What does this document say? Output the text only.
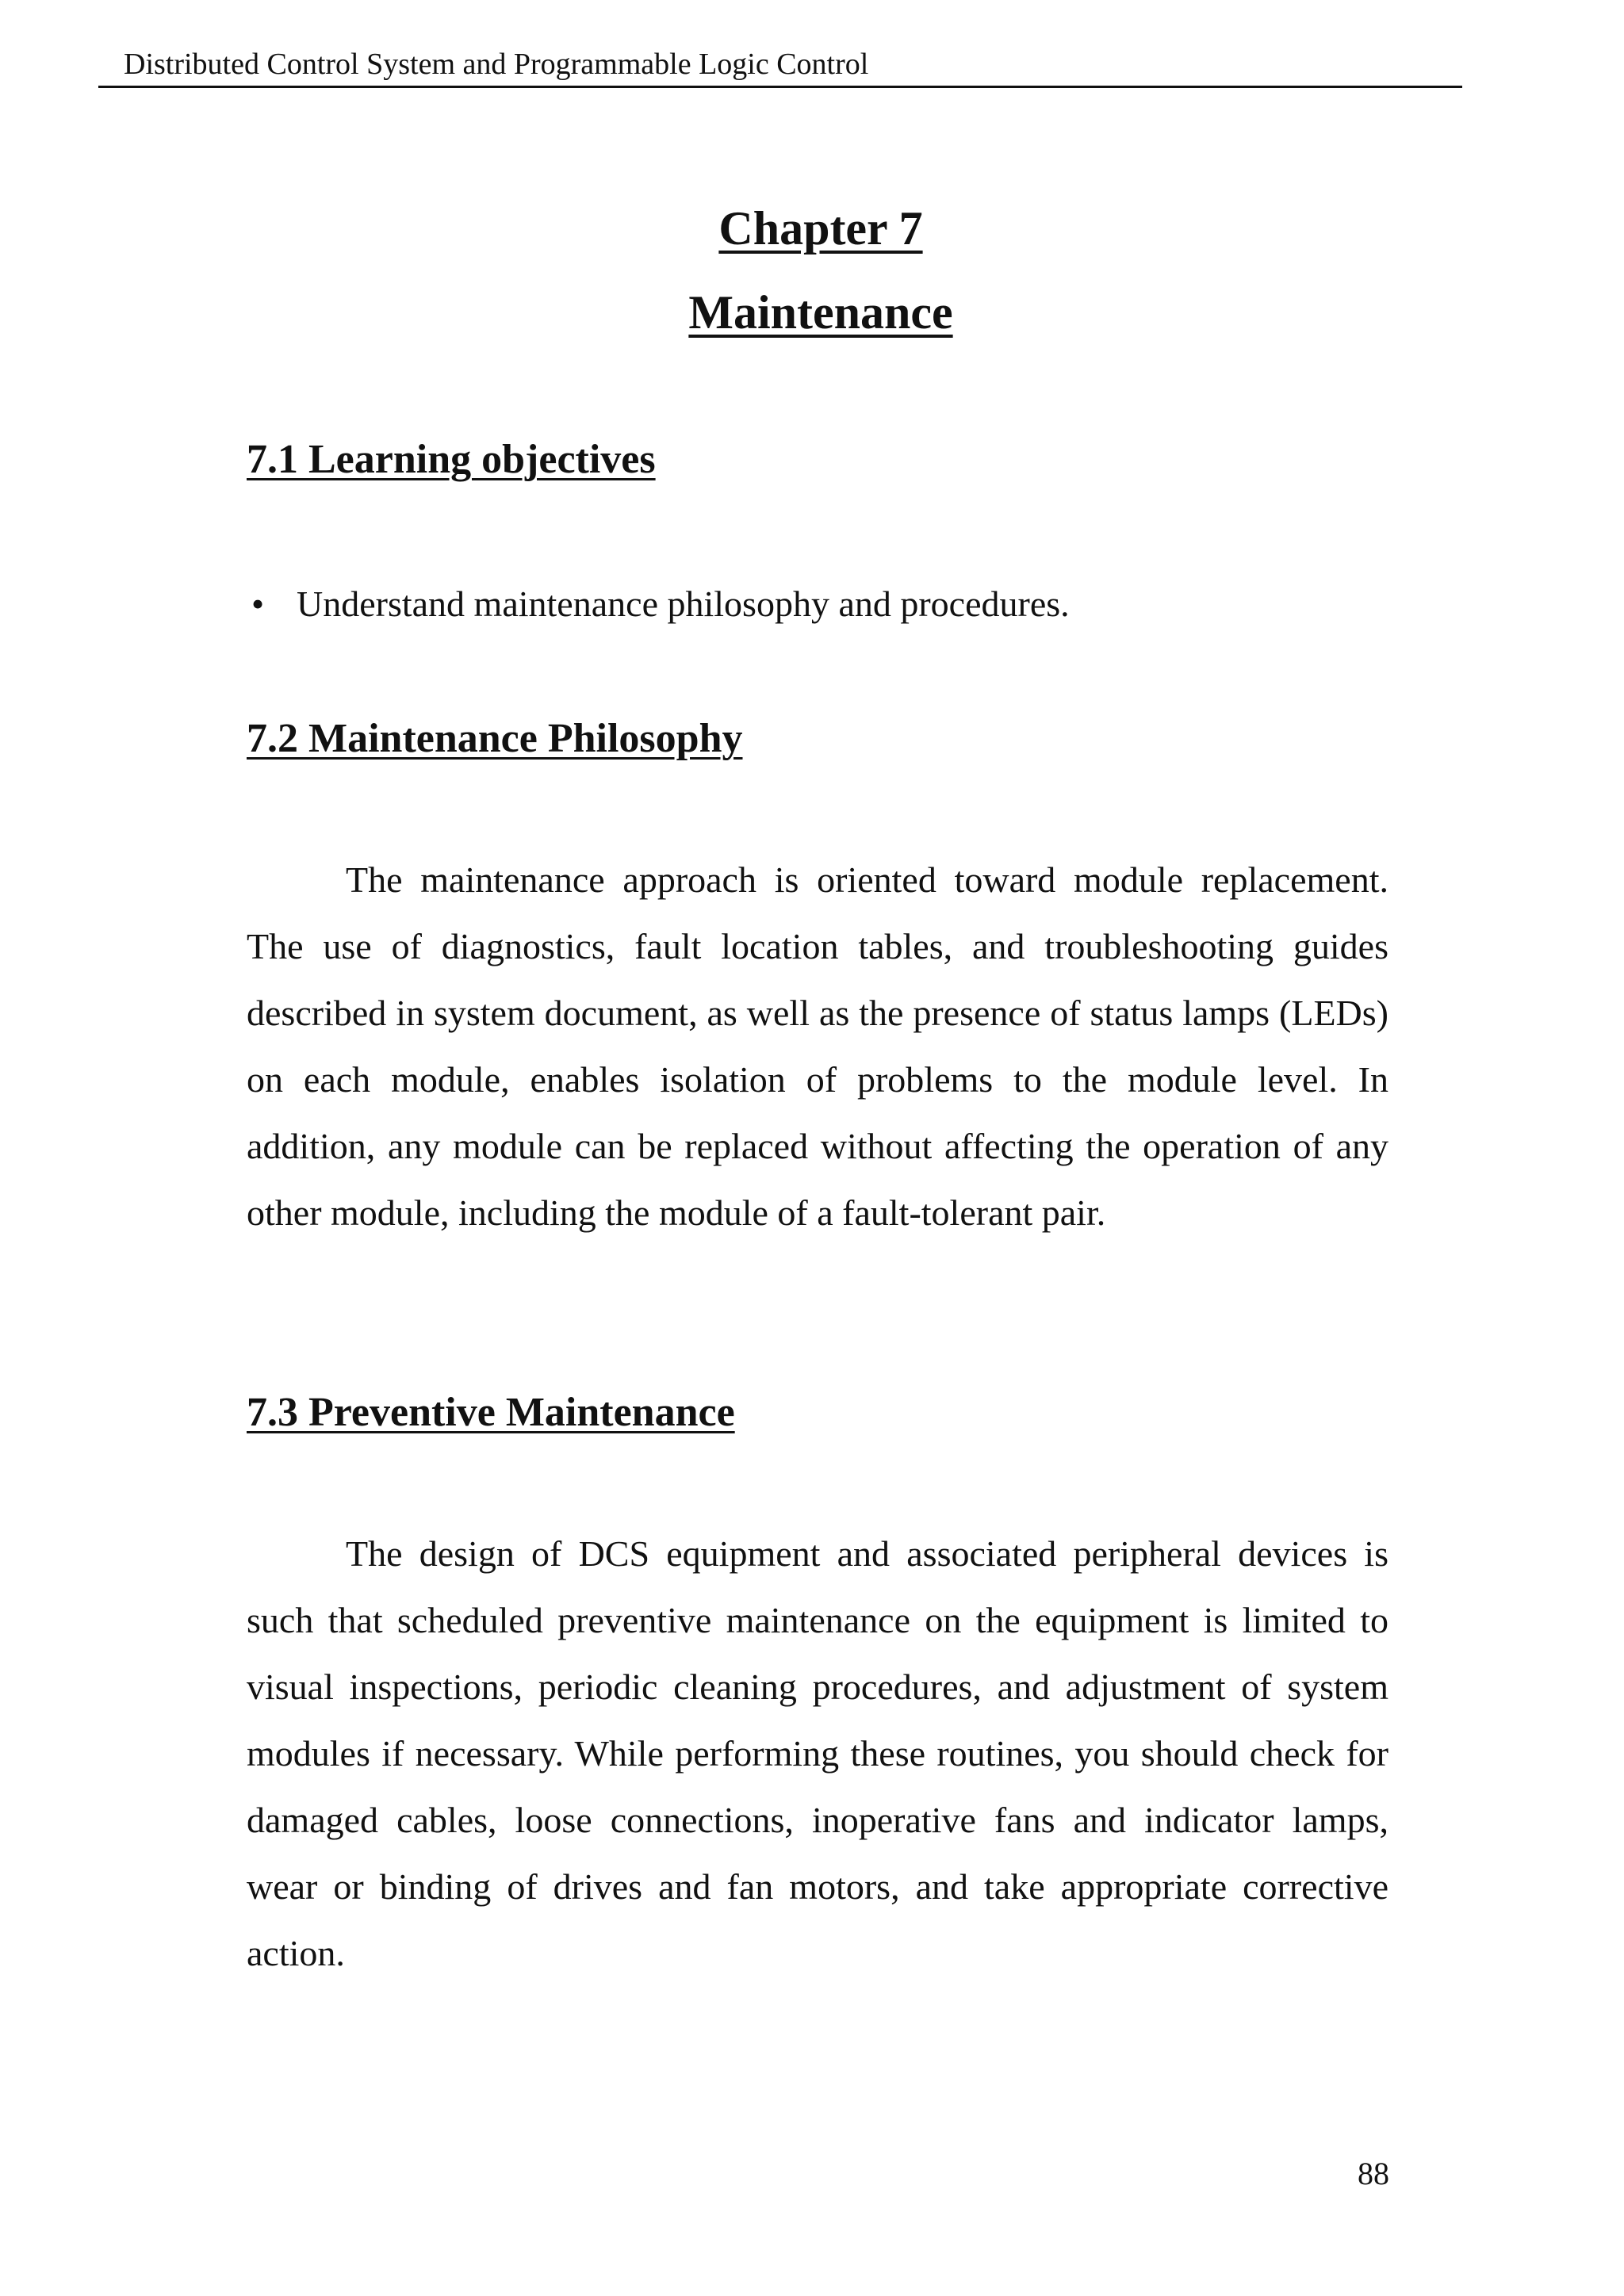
Distributed Control System and Programmable Logic Control
Chapter 7
Maintenance
7.1 Learning objectives
• Understand maintenance philosophy and procedures.
7.2 Maintenance Philosophy

The maintenance approach is oriented toward module replacement. The use of diagnostics, fault location tables, and troubleshooting guides described in system document, as well as the presence of status lamps (LEDs) on each module, enables isolation of problems to the module level. In addition, any module can be replaced without affecting the operation of any other module, including the module of a fault-tolerant pair.

7.3 Preventive Maintenance

The design of DCS equipment and associated peripheral devices is such that scheduled preventive maintenance on the equipment is limited to visual inspections, periodic cleaning procedures, and adjustment of system modules if necessary. While performing these routines, you should check for damaged cables, loose connections, inoperative fans and indicator lamps, wear or binding of drives and fan motors, and take appropriate corrective action.

88
